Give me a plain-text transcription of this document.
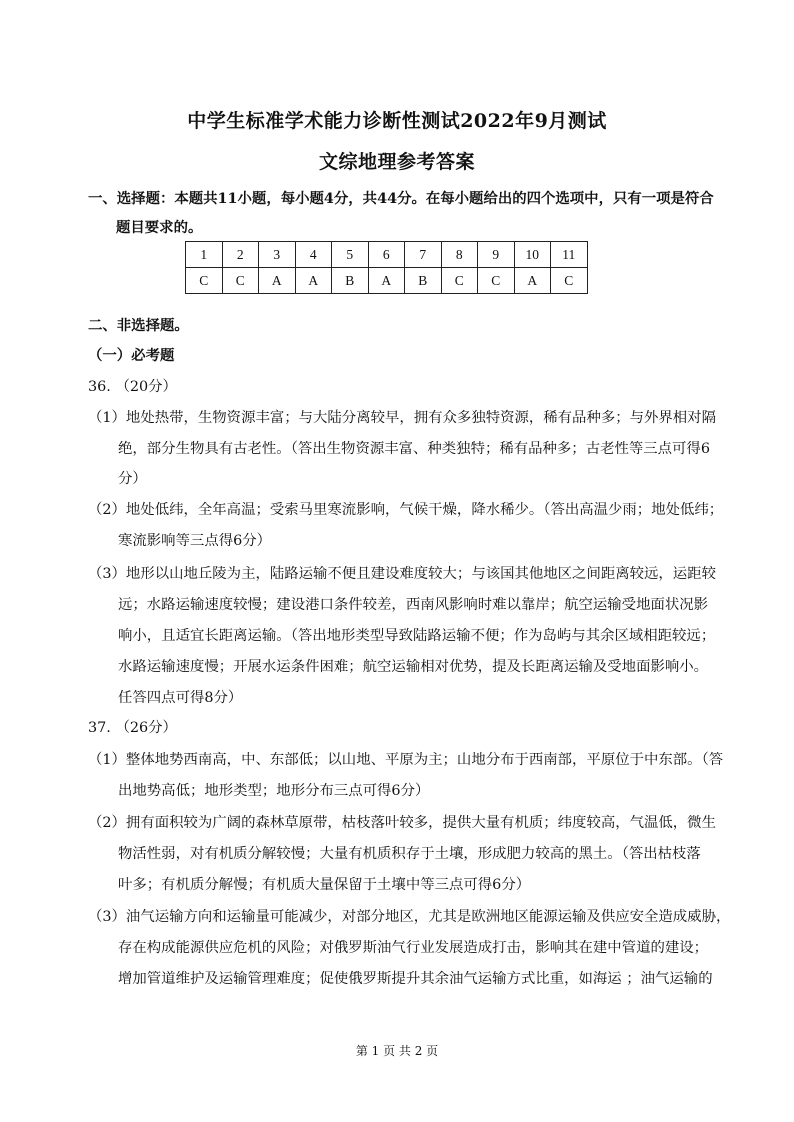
中学生标准学术能力诊断性测试2022年9月测试
文综地理参考答案
一、选择题：本题共11小题，每小题4分，共44分。在每小题给出的四个选项中，只有一项是符合
题目要求的。
1	2	3	4	5	6	7	8	9	10	11
C	C	A	A	B	A	B	C	C	A	C
二、非选择题。
（一）必考题
36. （20分）
（1）地处热带，生物资源丰富；与大陆分离较早，拥有众多独特资源，稀有品种多；与外界相对隔
绝，部分生物具有古老性。（答出生物资源丰富、种类独特；稀有品种多；古老性等三点可得6
分）
（2）地处低纬，全年高温；受索马里寒流影响，气候干燥，降水稀少。（答出高温少雨；地处低纬；
寒流影响等三点得6分）
（3）地形以山地丘陵为主，陆路运输不便且建设难度较大；与该国其他地区之间距离较远，运距较
远；水路运输速度较慢；建设港口条件较差，西南风影响时难以靠岸；航空运输受地面状况影
响小，且适宜长距离运输。（答出地形类型导致陆路运输不便；作为岛屿与其余区域相距较远；
水路运输速度慢；开展水运条件困难；航空运输相对优势，提及长距离运输及受地面影响小。
任答四点可得8分）
37. （26分）
（1）整体地势西南高，中、东部低；以山地、平原为主；山地分布于西南部，平原位于中东部。（答
出地势高低；地形类型；地形分布三点可得6分）
（2）拥有面积较为广阔的森林草原带，枯枝落叶较多，提供大量有机质；纬度较高，气温低，微生
物活性弱，对有机质分解较慢；大量有机质积存于土壤，形成肥力较高的黑土。（答出枯枝落
叶多；有机质分解慢；有机质大量保留于土壤中等三点可得6分）
（3）油气运输方向和运输量可能减少，对部分地区，尤其是欧洲地区能源运输及供应安全造成威胁，
存在构成能源供应危机的风险；对俄罗斯油气行业发展造成打击，影响其在建中管道的建设；
增加管道维护及运输管理难度；促使俄罗斯提升其余油气运输方式比重，如海运 ；油气运输的
第 1 页 共 2 页
